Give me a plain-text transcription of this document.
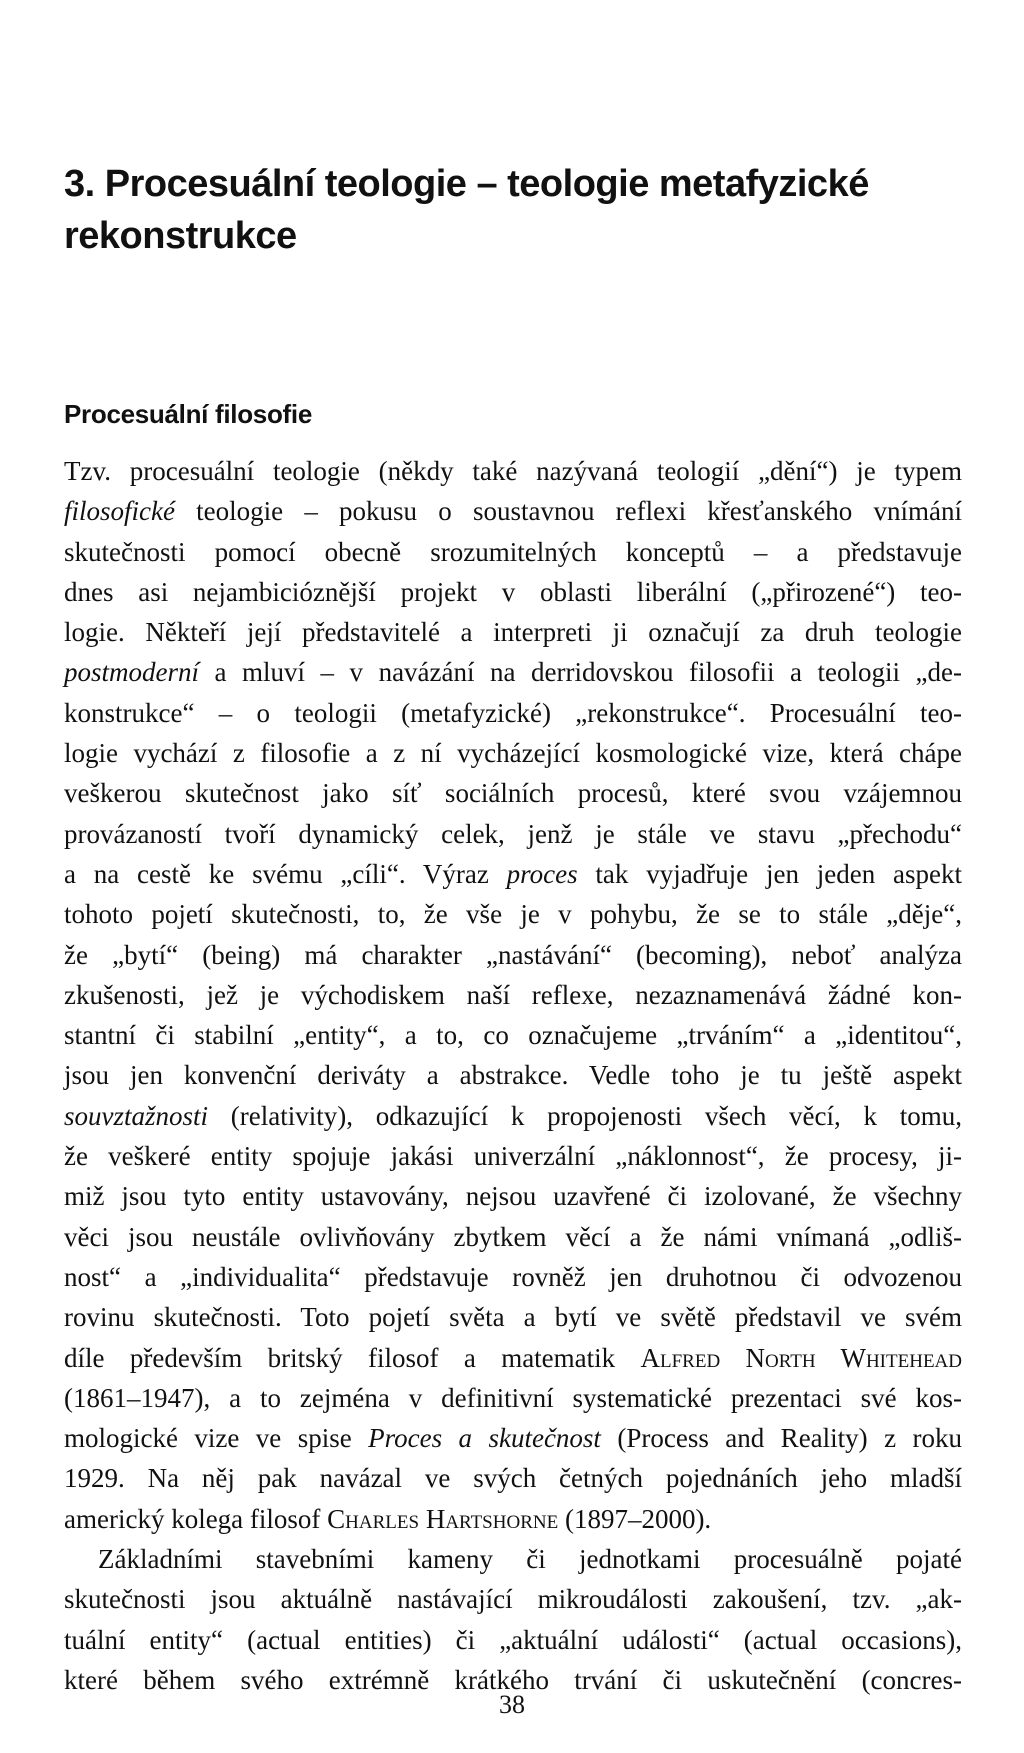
3. Procesuální teologie – teologie metafyzické
rekonstrukce
Procesuální filosofie
Tzv. procesuální teologie (někdy také nazývaná teologií „dění“) je typem
filosofické teologie – pokusu o soustavnou reflexi křesťanského vnímání
skutečnosti pomocí obecně srozumitelných konceptů – a představuje
dnes asi nejambicióznější projekt v oblasti liberální („přirozené“) teo-
logie. Někteří její představitelé a interpreti ji označují za druh teologie
postmoderní a mluví – v navázání na derridovskou filosofii a teologii „de-
konstrukce“ – o teologii (metafyzické) „rekonstrukce“. Procesuální teo-
logie vychází z filosofie a z ní vycházející kosmologické vize, která chápe
veškerou skutečnost jako síť sociálních procesů, které svou vzájemnou
provázaností tvoří dynamický celek, jenž je stále ve stavu „přechodu“
a na cestě ke svému „cíli“. Výraz proces tak vyjadřuje jen jeden aspekt
tohoto pojetí skutečnosti, to, že vše je v pohybu, že se to stále „děje“,
že „bytí“ (being) má charakter „nastávání“ (becoming), neboť analýza
zkušenosti, jež je východiskem naší reflexe, nezaznamenává žádné kon-
stantní či stabilní „entity“, a to, co označujeme „trváním“ a „identitou“,
jsou jen konvenční deriváty a abstrakce. Vedle toho je tu ještě aspekt
souvztažnosti (relativity), odkazující k propojenosti všech věcí, k tomu,
že veškeré entity spojuje jakási univerzální „náklonnost“, že procesy, ji-
miž jsou tyto entity ustavovány, nejsou uzavřené či izolované, že všechny
věci jsou neustále ovlivňovány zbytkem věcí a že námi vnímaná „odliš-
nost“ a „individualita“ představuje rovněž jen druhotnou či odvozenou
rovinu skutečnosti. Toto pojetí světa a bytí ve světě představil ve svém
díle především britský filosof a matematik Alfred North Whitehead
(1861–1947), a to zejména v definitivní systematické prezentaci své kos-
mologické vize ve spise Proces a skutečnost (Process and Reality) z roku
1929. Na něj pak navázal ve svých četných pojednáních jeho mladší
americký kolega filosof Charles Hartshorne (1897–2000).
Základními stavebními kameny či jednotkami procesuálně pojaté
skutečnosti jsou aktuálně nastávající mikroudálosti zakoušení, tzv. „ak-
tuální entity“ (actual entities) či „aktuální události“ (actual occasions),
které během svého extrémně krátkého trvání či uskutečnění (concres-
38
